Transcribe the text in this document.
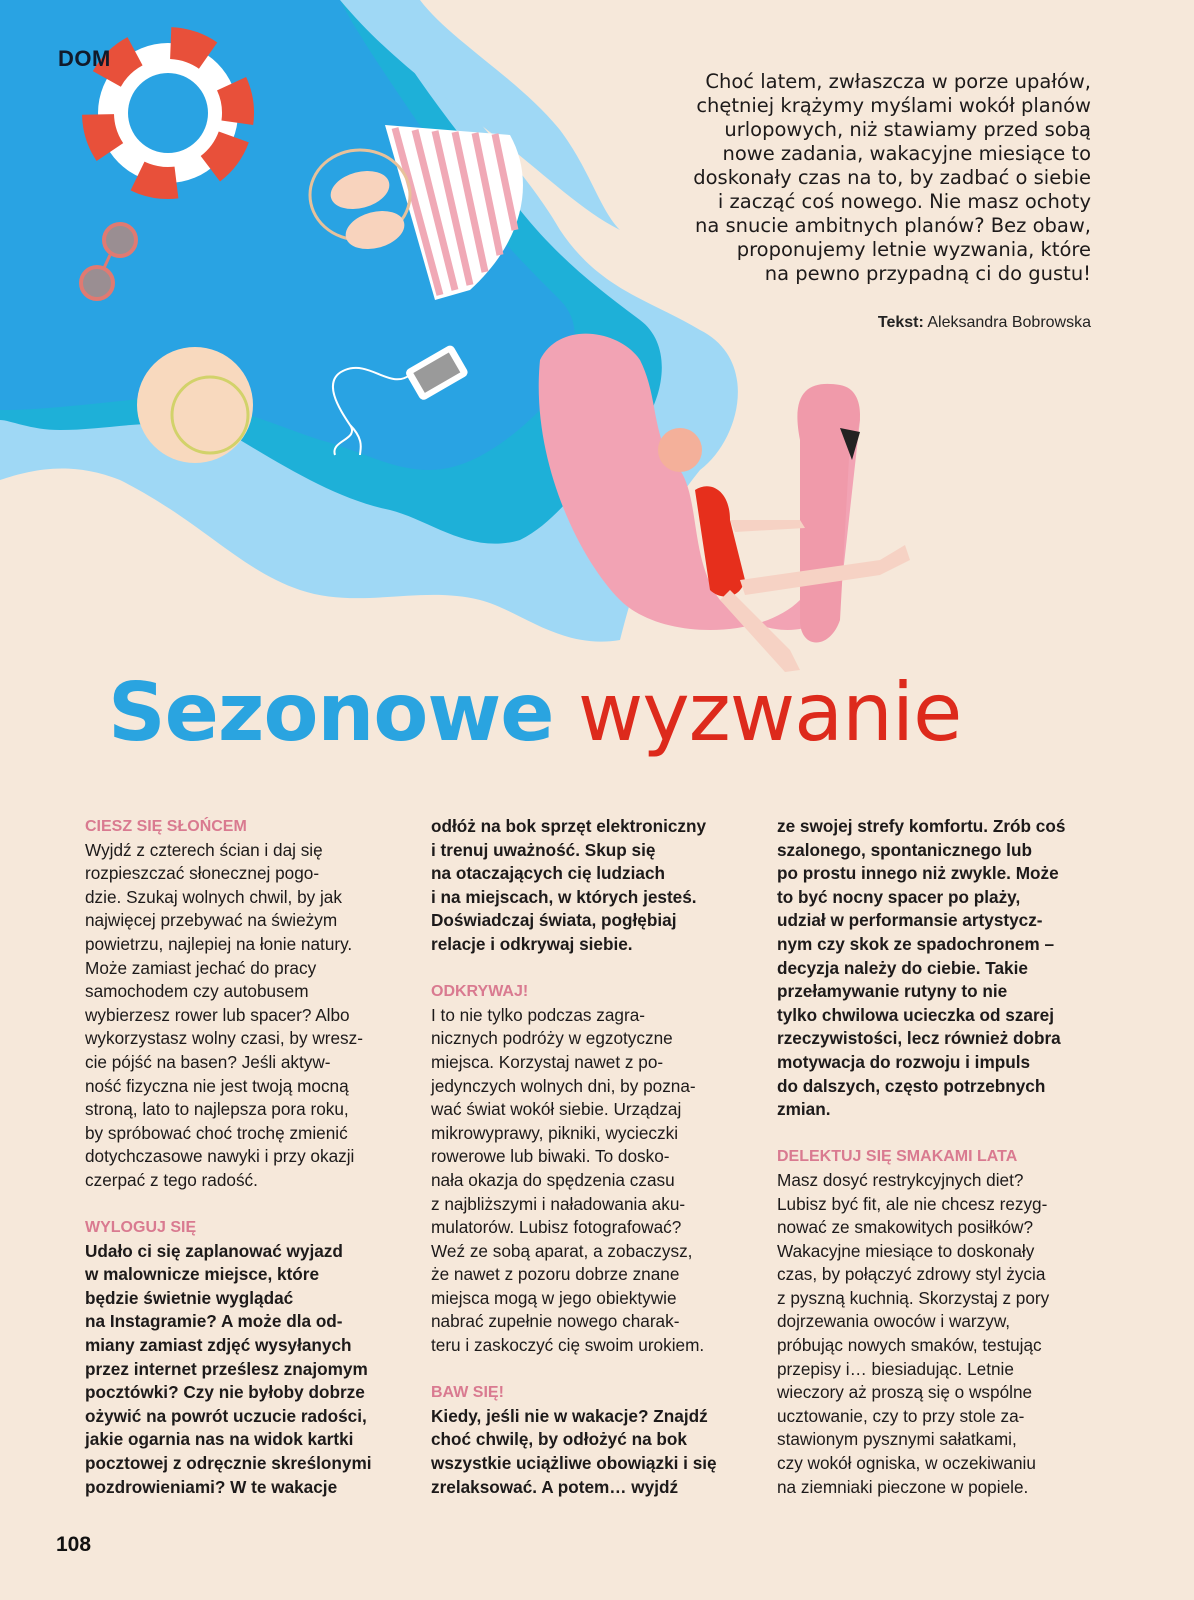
DOM

Choć latem, zwłaszcza w porze upałów,

chętniej krążymy myślami wokół planów

urlopowych, niż stawiamy przed sobą

nowe zadania, wakacyjne miesiące to

doskonały czas na to, by zadbać o siebie

i zacząć coś nowego. Nie masz ochoty

na snucie ambitnych planów? Bez obaw,

proponujemy letnie wyzwania, które

na pewno przypadną ci do gustu!

Tekst: Aleksandra Bobrowska
Sezonowe wyzwanie
CIESZ SIĘ SŁOŃCEM

Wyjdź z czterech ścian i daj się
rozpieszczać słonecznej pogo-
dzie. Szukaj wolnych chwil, by jak
najwięcej przebywać na świeżym
powietrzu, najlepiej na łonie natury.
Może zamiast jechać do pracy
samochodem czy autobusem
wybierzesz rower lub spacer? Albo
wykorzystasz wolny czasi, by wresz-
cie pójść na basen? Jeśli aktyw-
ność fizyczna nie jest twoją mocną
stroną, lato to najlepsza pora roku,
by spróbować choć trochę zmienić
dotychczasowe nawyki i przy okazji
czerpać z tego radość.

WYLOGUJ SIĘ

Udało ci się zaplanować wyjazd
w malownicze miejsce, które
będzie świetnie wyglądać
na Instagramie? A może dla od-
miany zamiast zdjęć wysyłanych
przez internet prześlesz znajomym
pocztówki? Czy nie byłoby dobrze
ożywić na powrót uczucie radości,
jakie ogarnia nas na widok kartki
pocztowej z odręcznie skreślonymi
pozdrowieniami? W te wakacje

odłóż na bok sprzęt elektroniczny
i trenuj uważność. Skup się
na otaczających cię ludziach
i na miejscach, w których jesteś.
Doświadczaj świata, pogłębiaj
relacje i odkrywaj siebie.

ODKRYWAJ!

I to nie tylko podczas zagra-
nicznych podróży w egzotyczne
miejsca. Korzystaj nawet z po-
jedynczych wolnych dni, by pozna-
wać świat wokół siebie. Urządzaj
mikrowyprawy, pikniki, wycieczki
rowerowe lub biwaki. To dosko-
nała okazja do spędzenia czasu
z najbliższymi i naładowania aku-
mulatorów. Lubisz fotografować?
Weź ze sobą aparat, a zobaczysz,
że nawet z pozoru dobrze znane
miejsca mogą w jego obiektywie
nabrać zupełnie nowego charak-
teru i zaskoczyć cię swoim urokiem.

BAW SIĘ!

Kiedy, jeśli nie w wakacje? Znajdź
choć chwilę, by odłożyć na bok
wszystkie uciążliwe obowiązki i się
zrelaksować. A potem… wyjdź

ze swojej strefy komfortu. Zrób coś
szalonego, spontanicznego lub
po prostu innego niż zwykle. Może
to być nocny spacer po plaży,
udział w performansie artystycz-
nym czy skok ze spadochronem –
decyzja należy do ciebie. Takie
przełamywanie rutyny to nie
tylko chwilowa ucieczka od szarej
rzeczywistości, lecz również dobra
motywacja do rozwoju i impuls
do dalszych, często potrzebnych
zmian.

DELEKTUJ SIĘ SMAKAMI LATA

Masz dosyć restrykcyjnych diet?
Lubisz być fit, ale nie chcesz rezyg-
nować ze smakowitych posiłków?
Wakacyjne miesiące to doskonały
czas, by połączyć zdrowy styl życia
z pyszną kuchnią. Skorzystaj z pory
dojrzewania owoców i warzyw,
próbując nowych smaków, testując
przepisy i… biesiadując. Letnie
wieczory aż proszą się o wspólne
ucztowanie, czy to przy stole za-
stawionym pysznymi sałatkami,
czy wokół ogniska, w oczekiwaniu
na ziemniaki pieczone w popiele.

108
